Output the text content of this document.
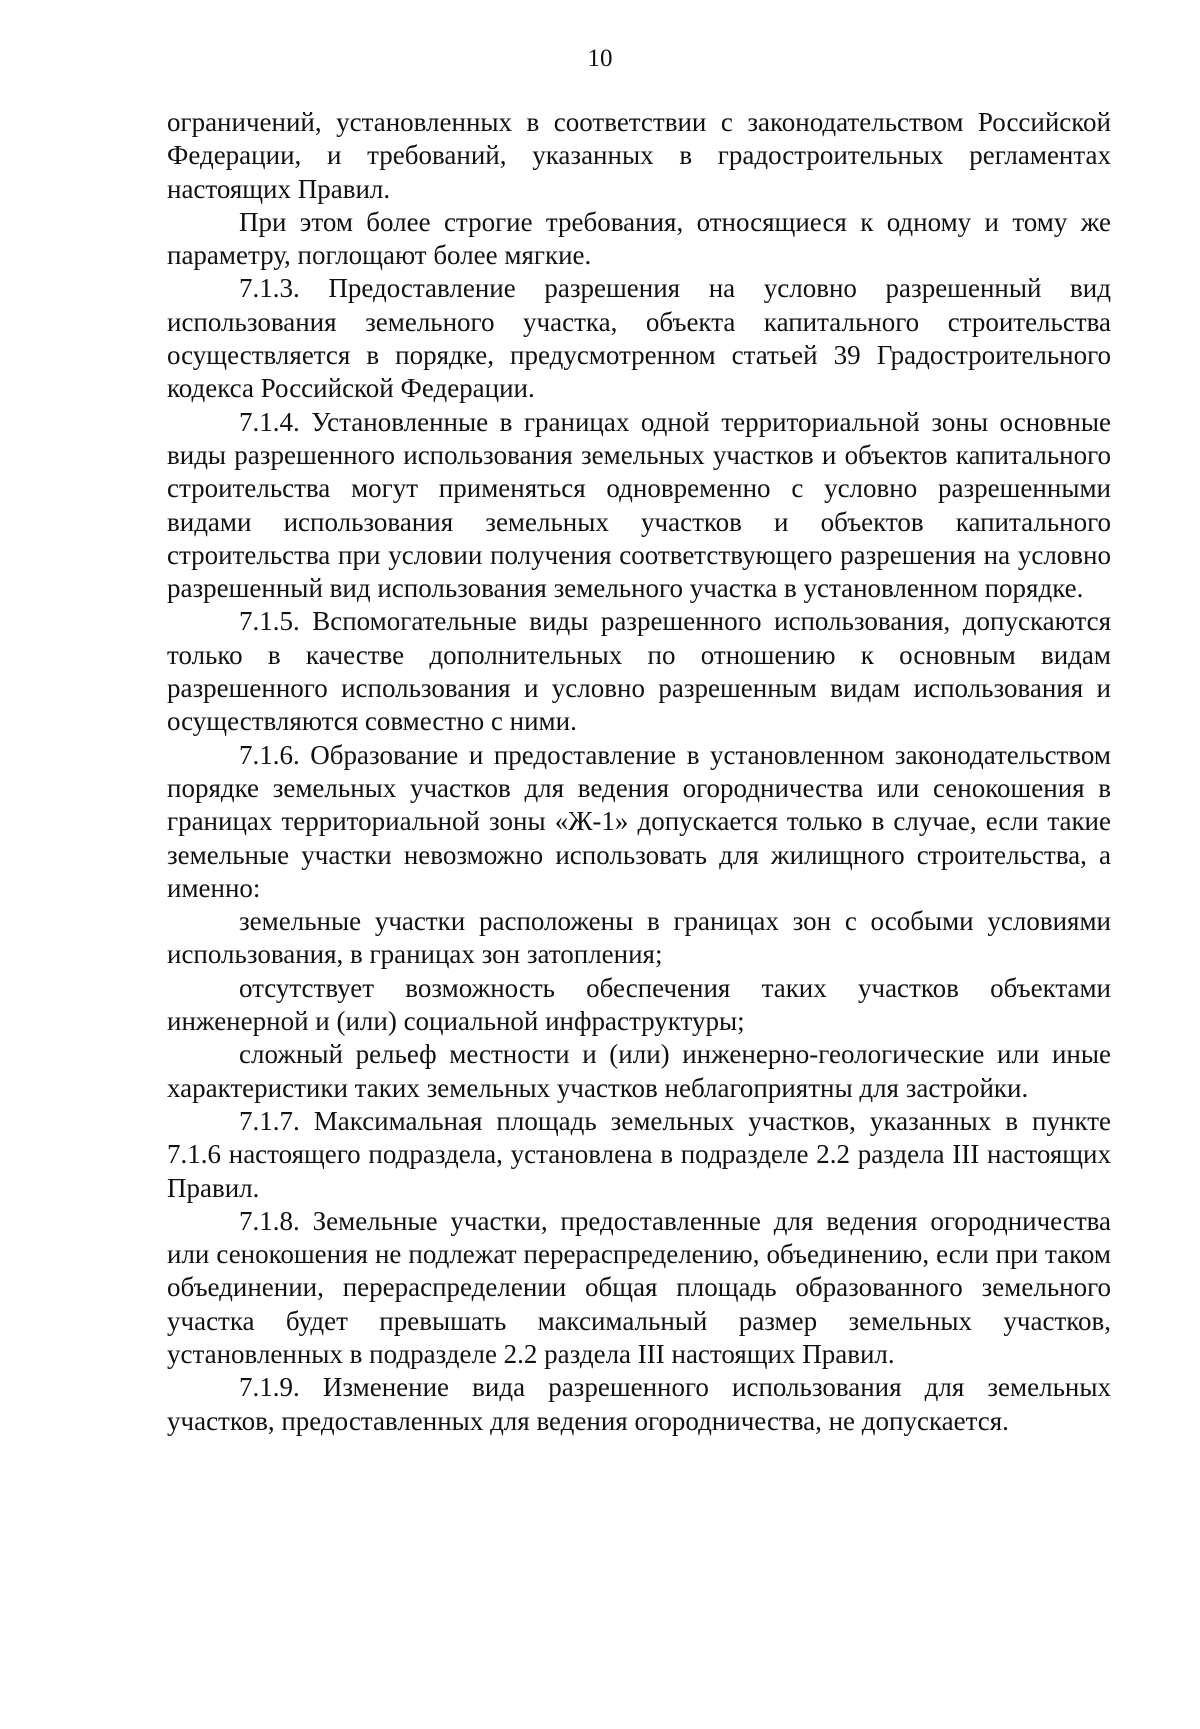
10

ограничений, установленных в соответствии с законодательством Российской Федерации, и требований, указанных в градостроительных регламентах настоящих Правил.

При этом более строгие требования, относящиеся к одному и тому же параметру, поглощают более мягкие.

7.1.3. Предоставление разрешения на условно разрешенный вид использования земельного участка, объекта капитального строительства осуществляется в порядке, предусмотренном статьей 39 Градостроительного кодекса Российской Федерации.

7.1.4. Установленные в границах одной территориальной зоны основные виды разрешенного использования земельных участков и объектов капитального строительства могут применяться одновременно с условно разрешенными видами использования земельных участков и объектов капитального строительства при условии получения соответствующего разрешения на условно разрешенный вид использования земельного участка в установленном порядке.

7.1.5. Вспомогательные виды разрешенного использования, допускаются только в качестве дополнительных по отношению к основным видам разрешенного использования и условно разрешенным видам использования и осуществляются совместно с ними.

7.1.6. Образование и предоставление в установленном законодательством порядке земельных участков для ведения огородничества или сенокошения в границах территориальной зоны «Ж-1» допускается только в случае, если такие земельные участки невозможно использовать для жилищного строительства, а именно:

земельные участки расположены в границах зон с особыми условиями использования, в границах зон затопления;

отсутствует возможность обеспечения таких участков объектами инженерной и (или) социальной инфраструктуры;

сложный рельеф местности и (или) инженерно-геологические или иные характеристики таких земельных участков неблагоприятны для застройки.

7.1.7. Максимальная площадь земельных участков, указанных в пункте 7.1.6 настоящего подраздела, установлена в подразделе 2.2 раздела III настоящих Правил.

7.1.8. Земельные участки, предоставленные для ведения огородничества или сенокошения не подлежат перераспределению, объединению, если при таком объединении, перераспределении общая площадь образованного земельного участка будет превышать максимальный размер земельных участков, установленных в подразделе 2.2 раздела III настоящих Правил.

7.1.9. Изменение вида разрешенного использования для земельных участков, предоставленных для ведения огородничества, не допускается.
